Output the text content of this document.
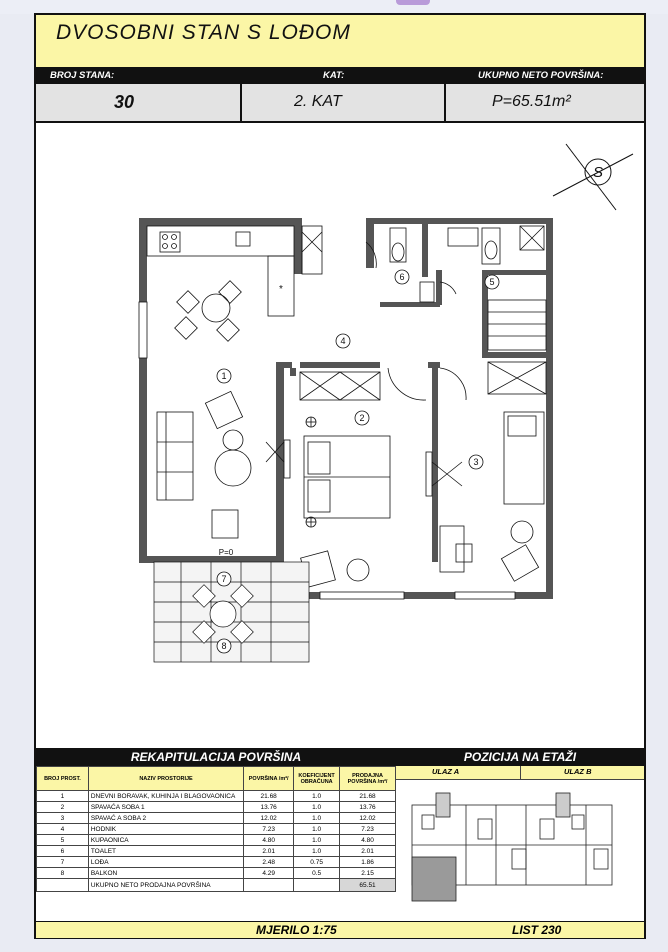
DVOSOBNI STAN S LOĐOM
BROJ STANA:	KAT:	UKUPNO NETO POVRŠINA:
30	2. KAT	P=65.51m²
S
*
1
2
3
4
5
6
7
8
P=0
REKAPITULACIJA POVRŠINA	POZICIJA NA ETAŽI
BROJ PROST.	NAZIV PROSTORIJE	POVRŠINA /m²/	KOEFICIJENT OBRAČUNA	PRODAJNA POVRŠINA /m²/
1	DNEVNI BORAVAK, KUHINJA I BLAGOVAONICA	21.68	1.0	21.68
2	SPAVAĆA SOBA 1	13.76	1.0	13.76
3	SPAVAĆ A SOBA 2	12.02	1.0	12.02
4	HODNIK	7.23	1.0	7.23
5	KUPAONICA	4.80	1.0	4.80
6	TOALET	2.01	1.0	2.01
7	LOĐA	2.48	0.75	1.86
8	BALKON	4.29	0.5	2.15
	UKUPNO NETO PRODAJNA POVRŠINA			65.51
ULAZ A	ULAZ B
MJERILO 1:75	LIST 230
